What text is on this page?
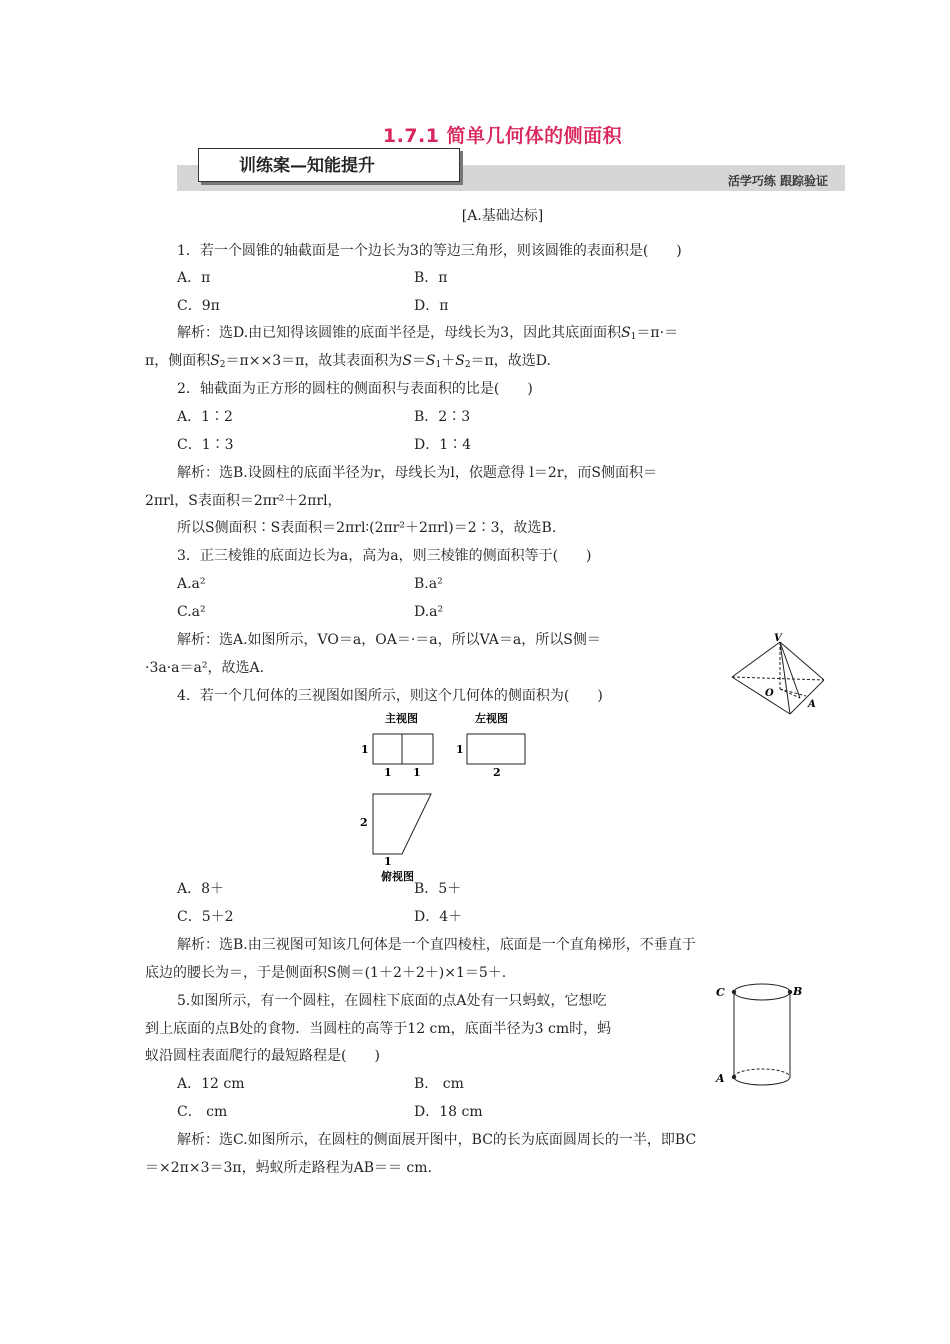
1.7.1 简单几何体的侧面积
训练案—知能提升
活学巧练 跟踪验证
[A.基础达标]
1．若一个圆锥的轴截面是一个边长为3的等边三角形，则该圆锥的表面积是(　　)
A．π	B．π
C．9π	D．π
解析：选D.由已知得该圆锥的底面半径是，母线长为3，因此其底面面积$S_1=\pi\cdot=$
π，侧面积$S_2=\pi\times\times 3=\pi$，故其表面积为$S=S_1+S_2=\pi$，故选D.
2．轴截面为正方形的圆柱的侧面积与表面积的比是(　　)
A．1∶2	B．2∶3
C．1∶3	D．1∶4
解析：选B.设圆柱的底面半径为r，母线长为l，依题意得 l＝2r，而S侧面积＝
2πrl，S表面积＝2πr²＋2πrl，
所以S侧面积∶S表面积＝2πrl∶(2πr²＋2πrl)＝2∶3，故选B.
3．正三棱锥的底面边长为a，高为a，则三棱锥的侧面积等于(　　)
A.a²	B.a²
C.a²	D.a²
解析：选A.如图所示，VO＝a，OA＝·＝a，所以VA＝a，所以S侧＝
·3a·a＝a²，故选A.
V
O
A
4．若一个几何体的三视图如图所示，则这个几何体的侧面积为(　　)
主视图	左视图
1
1 1
1
2
2
1
俯视图
A．8＋	B．5＋
C．5＋2	D．4＋
解析：选B.由三视图可知该几何体是一个直四棱柱，底面是一个直角梯形，不垂直于
底边的腰长为＝，于是侧面积S侧＝(1＋2＋2＋)×1＝5＋.
5.如图所示，有一个圆柱，在圆柱下底面的点A处有一只蚂蚁，它想吃
到上底面的点B处的食物．当圆柱的高等于12 cm，底面半径为3 cm时，蚂
蚁沿圆柱表面爬行的最短路程是(　　)
C	B
A
A．12 cm	B． cm
C． cm	D．18 cm
解析：选C.如图所示，在圆柱的侧面展开图中，BC的长为底面圆周长的一半，即BC
＝×2π×3＝3π，蚂蚁所走路程为AB＝＝ cm.
